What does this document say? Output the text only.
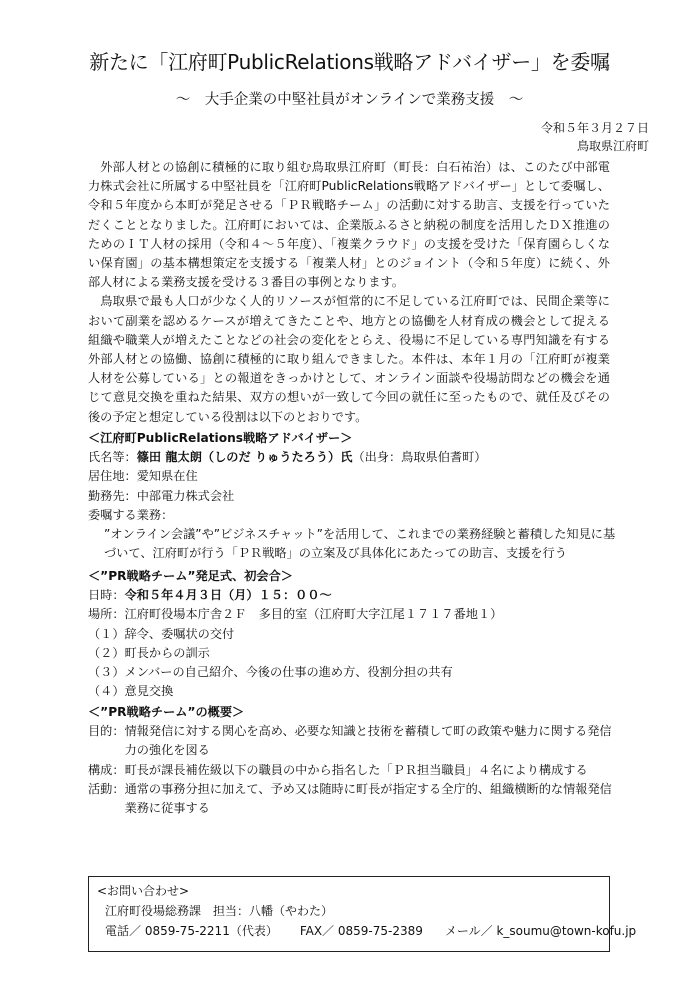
新たに「江府町PublicRelations戦略アドバイザー」を委嘱
～　大手企業の中堅社員がオンラインで業務支援　～
令和５年３月２７日
鳥取県江府町

外部人材との協創に積極的に取り組む鳥取県江府町（町長：白石祐治）は、このたび中部電力株式会社に所属する中堅社員を「江府町PublicRelations戦略アドバイザー」として委嘱し、令和５年度から本町が発足させる「ＰＲ戦略チーム」の活動に対する助言、支援を行っていただくこととなりました。江府町においては、企業版ふるさと納税の制度を活用したＤＸ推進のためのＩＴ人材の採用（令和４～５年度）、「複業クラウド」の支援を受けた「保育園らしくない保育園」の基本構想策定を支援する「複業人材」とのジョイント（令和５年度）に続く、外部人材による業務支援を受ける３番目の事例となります。

鳥取県で最も人口が少なく人的リソースが恒常的に不足している江府町では、民間企業等において副業を認めるケースが増えてきたことや、地方との協働を人材育成の機会として捉える組織や職業人が増えたことなどの社会の変化をとらえ、役場に不足している専門知識を有する外部人材との協働、協創に積極的に取り組んできました。本件は、本年１月の「江府町が複業人材を公募している」との報道をきっかけとして、オンライン面談や役場訪問などの機会を通じて意見交換を重ねた結果、双方の想いが一致して今回の就任に至ったもので、就任及びその後の予定と想定している役割は以下のとおりです。

＜江府町PublicRelations戦略アドバイザー＞
氏名等：篠田 龍太朗（しのだ りゅうたろう）氏（出身：鳥取県伯耆町）
居住地：愛知県在住
勤務先：中部電力株式会社
委嘱する業務：
”オンライン会議”や”ビジネスチャット”を活用して、これまでの業務経験と蓄積した知見に基づいて、江府町が行う「ＰＲ戦略」の立案及び具体化にあたっての助言、支援を行う
＜”PR戦略チーム”発足式、初会合＞
日時：令和５年４月３日（月）１５：００～
場所：江府町役場本庁舎２Ｆ　多目的室（江府町大字江尾１７１７番地１）
（１）辞令、委嘱状の交付
（２）町長からの訓示
（３）メンバーの自己紹介、今後の仕事の進め方、役割分担の共有
（４）意見交換
＜”PR戦略チーム”の概要＞
目的： 情報発信に対する関心を高め、必要な知識と技術を蓄積して町の政策や魅力に関する発信力の強化を図る
構成： 町長が課長補佐級以下の職員の中から指名した「ＰＲ担当職員」４名により構成する
活動： 通常の事務分担に加えて、予め又は随時に町長が指定する全庁的、組織横断的な情報発信業務に従事する
<お問い合わせ>
江府町役場総務課　担当：八幡（やわた）
電話／ 0859-75-2211（代表） FAX／ 0859-75-2389 メール／ k_soumu@town-kofu.jp
